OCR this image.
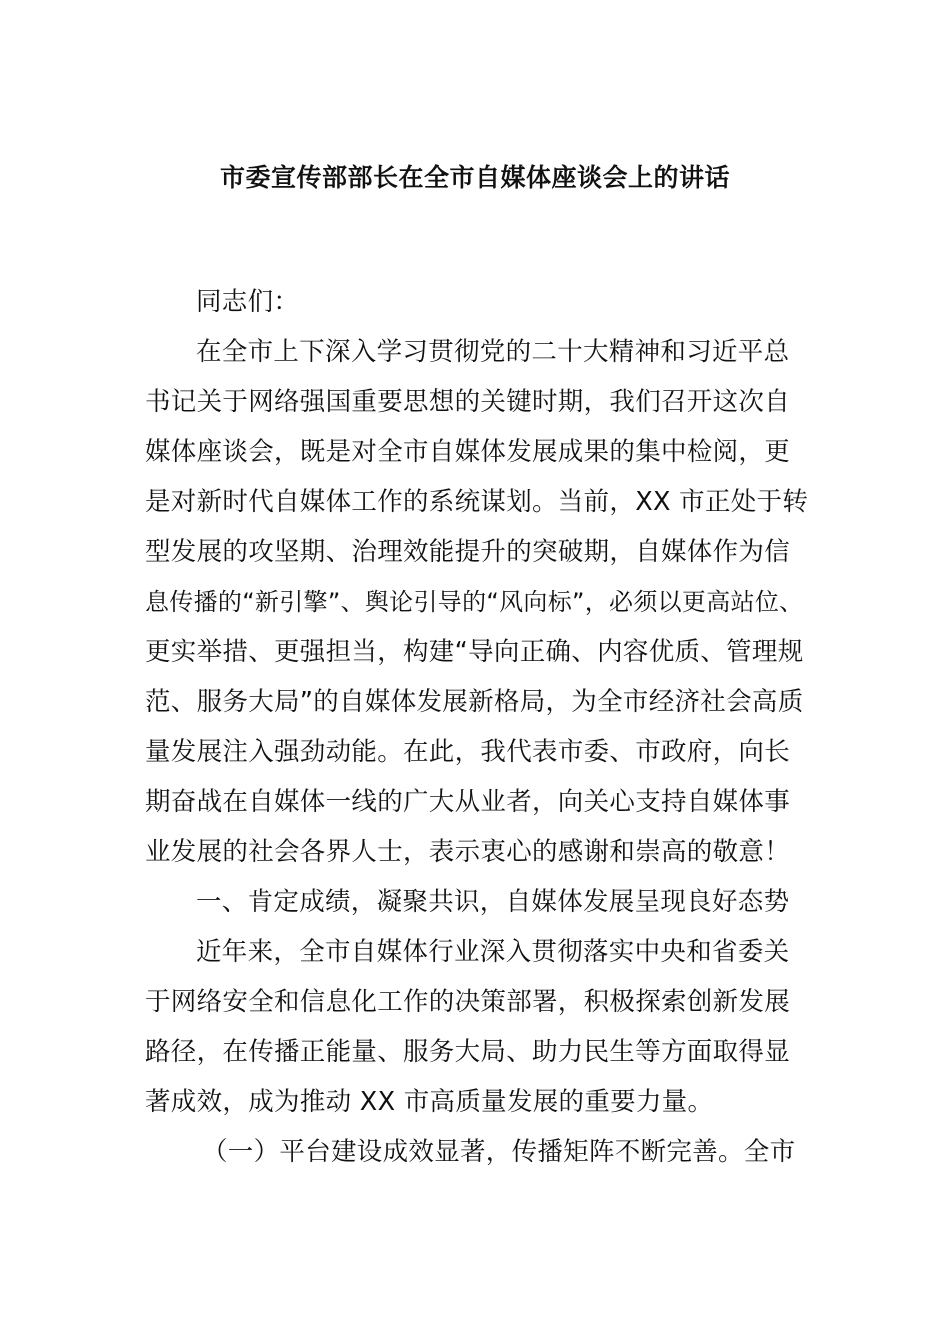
市委宣传部部长在全市自媒体座谈会上的讲话
同志们：
在全市上下深入学习贯彻党的二十大精神和习近平总
书记关于网络强国重要思想的关键时期，我们召开这次自
媒体座谈会，既是对全市自媒体发展成果的集中检阅，更
是对新时代自媒体工作的系统谋划。当前，XX 市正处于转
型发展的攻坚期、治理效能提升的突破期，自媒体作为信
息传播的“新引擎”、舆论引导的“风向标”，必须以更高站位、
更实举措、更强担当，构建“导向正确、内容优质、管理规
范、服务大局”的自媒体发展新格局，为全市经济社会高质
量发展注入强劲动能。在此，我代表市委、市政府，向长
期奋战在自媒体一线的广大从业者，向关心支持自媒体事
业发展的社会各界人士，表示衷心的感谢和崇高的敬意！
一、肯定成绩，凝聚共识，自媒体发展呈现良好态势
近年来，全市自媒体行业深入贯彻落实中央和省委关
于网络安全和信息化工作的决策部署，积极探索创新发展
路径，在传播正能量、服务大局、助力民生等方面取得显
著成效，成为推动 XX 市高质量发展的重要力量。
（一）平台建设成效显著，传播矩阵不断完善。全市
